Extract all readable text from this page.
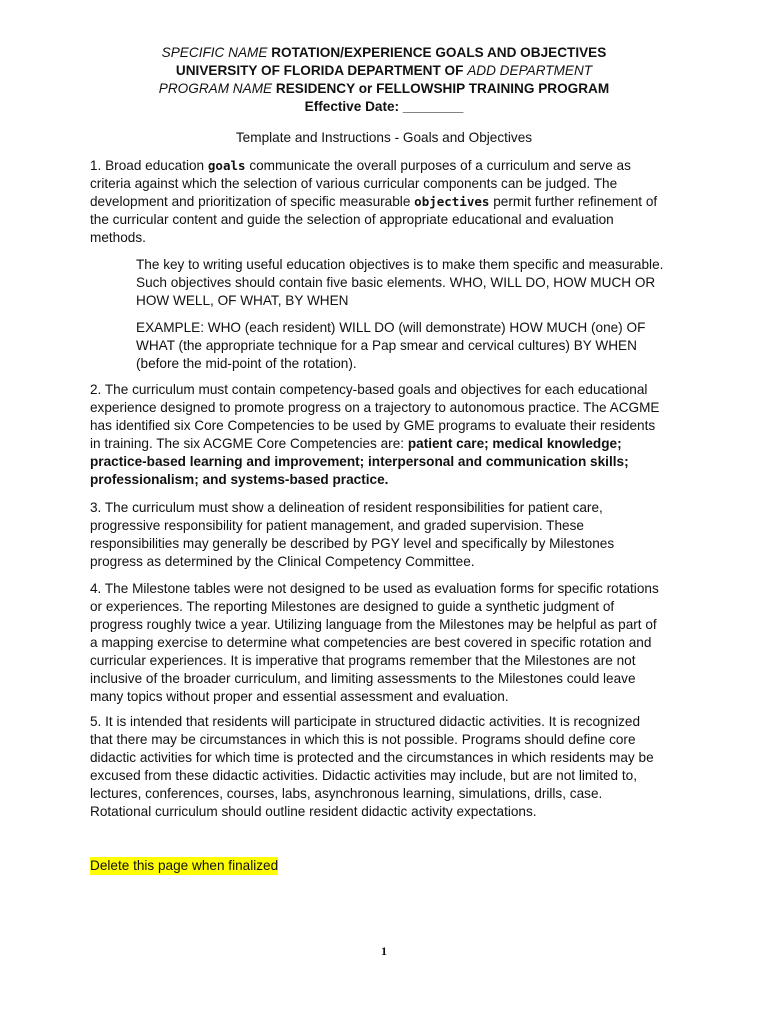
SPECIFIC NAME ROTATION/EXPERIENCE GOALS AND OBJECTIVES
UNIVERSITY OF FLORIDA DEPARTMENT OF ADD DEPARTMENT
PROGRAM NAME RESIDENCY or FELLOWSHIP TRAINING PROGRAM
Effective Date: ________
Template and Instructions - Goals and Objectives
1. Broad education goals communicate the overall purposes of a curriculum and serve as
criteria against which the selection of various curricular components can be judged. The
development and prioritization of specific measurable objectives permit further refinement of
the curricular content and guide the selection of appropriate educational and evaluation
methods.
The key to writing useful education objectives is to make them specific and measurable.
Such objectives should contain five basic elements. WHO, WILL DO, HOW MUCH OR
HOW WELL, OF WHAT, BY WHEN
EXAMPLE: WHO (each resident) WILL DO (will demonstrate) HOW MUCH (one) OF
WHAT (the appropriate technique for a Pap smear and cervical cultures) BY WHEN
(before the mid-point of the rotation).
2. The curriculum must contain competency-based goals and objectives for each educational
experience designed to promote progress on a trajectory to autonomous practice. The ACGME
has identified six Core Competencies to be used by GME programs to evaluate their residents
in training. The six ACGME Core Competencies are: patient care; medical knowledge;
practice-based learning and improvement; interpersonal and communication skills;
professionalism; and systems-based practice.
3. The curriculum must show a delineation of resident responsibilities for patient care,
progressive responsibility for patient management, and graded supervision. These
responsibilities may generally be described by PGY level and specifically by Milestones
progress as determined by the Clinical Competency Committee.
4. The Milestone tables were not designed to be used as evaluation forms for specific rotations
or experiences. The reporting Milestones are designed to guide a synthetic judgment of
progress roughly twice a year. Utilizing language from the Milestones may be helpful as part of
a mapping exercise to determine what competencies are best covered in specific rotation and
curricular experiences. It is imperative that programs remember that the Milestones are not
inclusive of the broader curriculum, and limiting assessments to the Milestones could leave
many topics without proper and essential assessment and evaluation.
5. It is intended that residents will participate in structured didactic activities. It is recognized
that there may be circumstances in which this is not possible. Programs should define core
didactic activities for which time is protected and the circumstances in which residents may be
excused from these didactic activities. Didactic activities may include, but are not limited to,
lectures, conferences, courses, labs, asynchronous learning, simulations, drills, case.
Rotational curriculum should outline resident didactic activity expectations.
Delete this page when finalized
1
